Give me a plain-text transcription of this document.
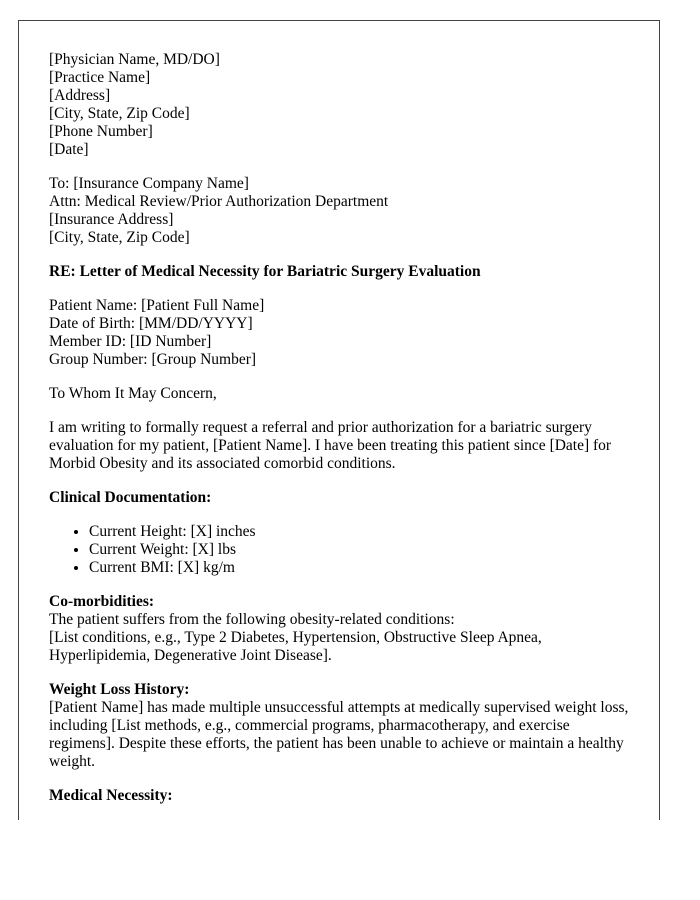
[Physician Name, MD/DO]
[Practice Name]
[Address]
[City, State, Zip Code]
[Phone Number]
[Date]
To: [Insurance Company Name]
Attn: Medical Review/Prior Authorization Department
[Insurance Address]
[City, State, Zip Code]
RE: Letter of Medical Necessity for Bariatric Surgery Evaluation
Patient Name: [Patient Full Name]
Date of Birth: [MM/DD/YYYY]
Member ID: [ID Number]
Group Number: [Group Number]

To Whom It May Concern,

I am writing to formally request a referral and prior authorization for a bariatric surgery evaluation for my patient, [Patient Name]. I have been treating this patient since [Date] for Morbid Obesity and its associated comorbid conditions.

Clinical Documentation:
• Current Height: [X] inches
• Current Weight: [X] lbs
• Current BMI: [X] kg/m
Co-morbidities:
The patient suffers from the following obesity-related conditions:
[List conditions, e.g., Type 2 Diabetes, Hypertension, Obstructive Sleep Apnea, Hyperlipidemia, Degenerative Joint Disease].
Weight Loss History:
[Patient Name] has made multiple unsuccessful attempts at medically supervised weight loss, including [List methods, e.g., commercial programs, pharmacotherapy, and exercise regimens]. Despite these efforts, the patient has been unable to achieve or maintain a healthy weight.
Medical Necessity:
